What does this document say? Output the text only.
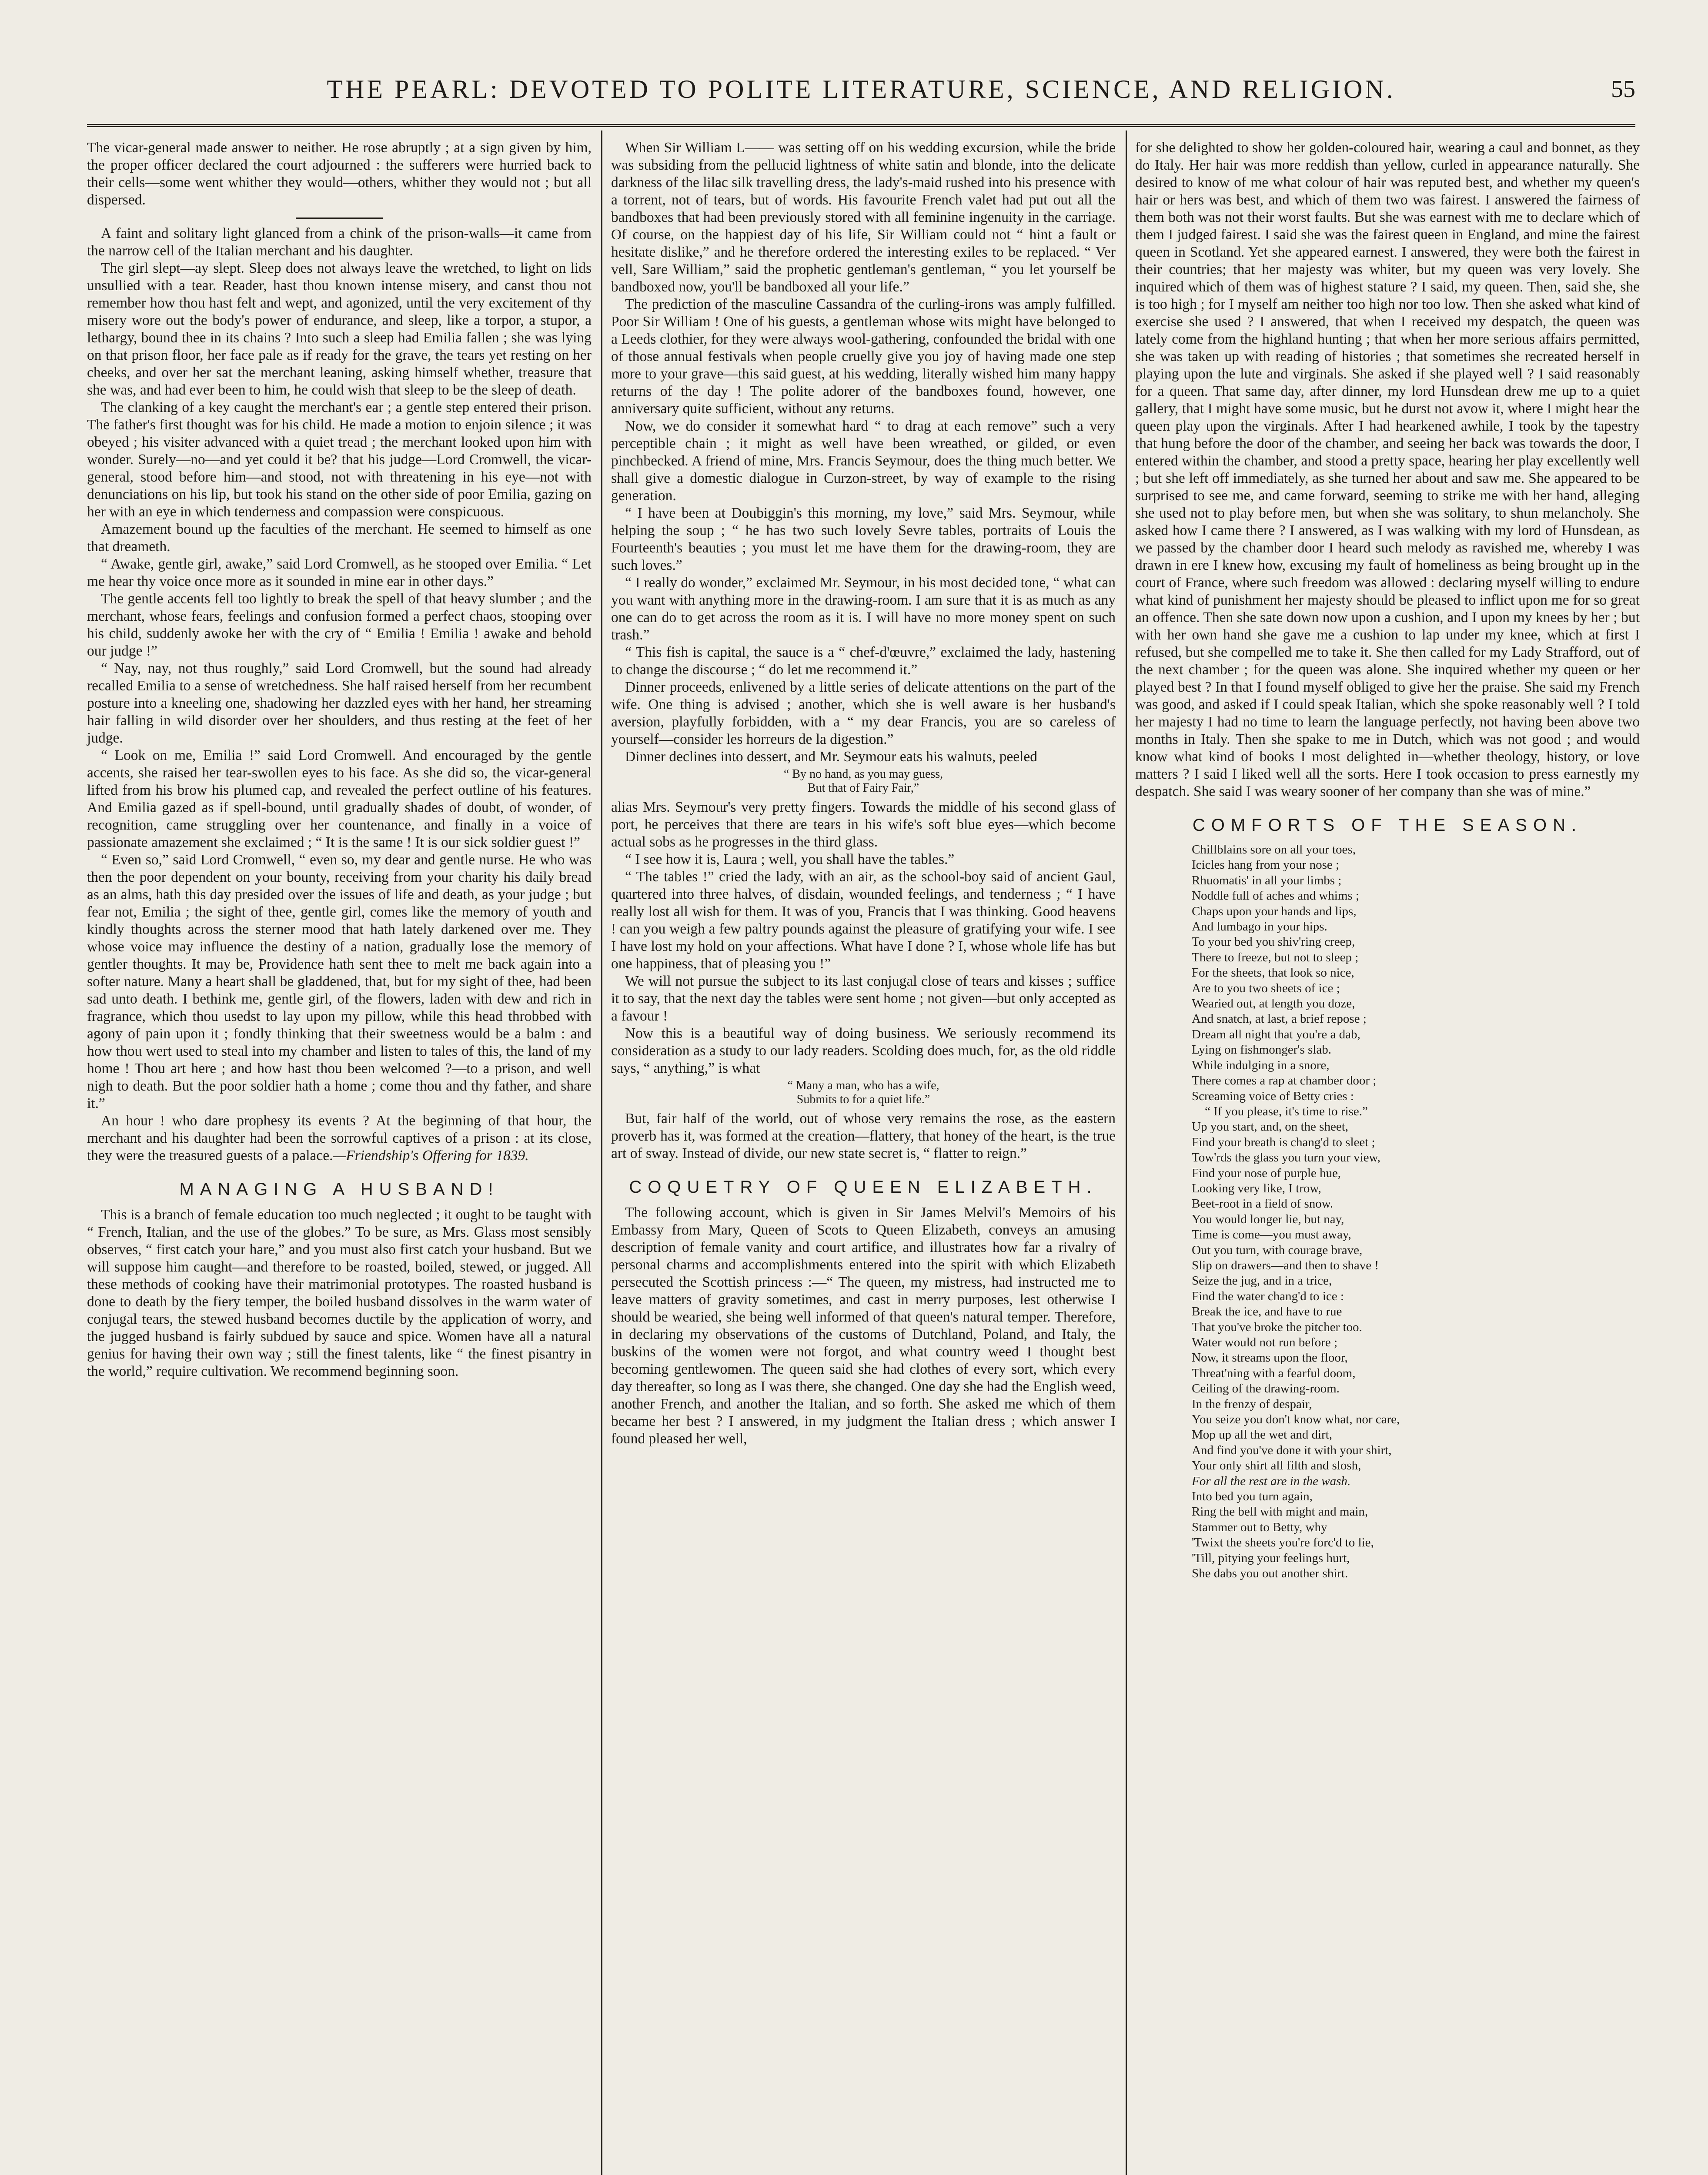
THE PEARL: DEVOTED TO POLITE LITERATURE, SCIENCE, AND RELIGION.	55

The vicar-general made answer to neither. He rose abruptly ; at a sign given by him, the proper officer declared the court adjourned : the sufferers were hurried back to their cells—some went whither they would—others, whither they would not ; but all dispersed.

A faint and solitary light glanced from a chink of the prison-walls—it came from the narrow cell of the Italian merchant and his daughter.

The girl slept—ay slept. Sleep does not always leave the wretched, to light on lids unsullied with a tear. Reader, hast thou known intense misery, and canst thou not remember how thou hast felt and wept, and agonized, until the very excitement of thy misery wore out the body's power of endurance, and sleep, like a torpor, a stupor, a lethargy, bound thee in its chains ? Into such a sleep had Emilia fallen ; she was lying on that prison floor, her face pale as if ready for the grave, the tears yet resting on her cheeks, and over her sat the merchant leaning, asking himself whether, treasure that she was, and had ever been to him, he could wish that sleep to be the sleep of death.

The clanking of a key caught the merchant's ear ; a gentle step entered their prison. The father's first thought was for his child. He made a motion to enjoin silence ; it was obeyed ; his visiter advanced with a quiet tread ; the merchant looked upon him with wonder. Surely—no—and yet could it be? that his judge—Lord Cromwell, the vicar-general, stood before him—and stood, not with threatening in his eye—not with denunciations on his lip, but took his stand on the other side of poor Emilia, gazing on her with an eye in which tenderness and compassion were conspicuous.

Amazement bound up the faculties of the merchant. He seemed to himself as one that dreameth.

“ Awake, gentle girl, awake,” said Lord Cromwell, as he stooped over Emilia. “ Let me hear thy voice once more as it sounded in mine ear in other days.”

The gentle accents fell too lightly to break the spell of that heavy slumber ; and the merchant, whose fears, feelings and confusion formed a perfect chaos, stooping over his child, suddenly awoke her with the cry of “ Emilia ! Emilia ! awake and behold our judge !”

“ Nay, nay, not thus roughly,” said Lord Cromwell, but the sound had already recalled Emilia to a sense of wretchedness. She half raised herself from her recumbent posture into a kneeling one, shadowing her dazzled eyes with her hand, her streaming hair falling in wild disorder over her shoulders, and thus resting at the feet of her judge.

“ Look on me, Emilia !” said Lord Cromwell. And encouraged by the gentle accents, she raised her tear-swollen eyes to his face. As she did so, the vicar-general lifted from his brow his plumed cap, and revealed the perfect outline of his features. And Emilia gazed as if spell-bound, until gradually shades of doubt, of wonder, of recognition, came struggling over her countenance, and finally in a voice of passionate amazement she exclaimed ; “ It is the same ! It is our sick soldier guest !”

“ Even so,” said Lord Cromwell, “ even so, my dear and gentle nurse. He who was then the poor dependent on your bounty, receiving from your charity his daily bread as an alms, hath this day presided over the issues of life and death, as your judge ; but fear not, Emilia ; the sight of thee, gentle girl, comes like the memory of youth and kindly thoughts across the sterner mood that hath lately darkened over me. They whose voice may influence the destiny of a nation, gradually lose the memory of gentler thoughts. It may be, Providence hath sent thee to melt me back again into a softer nature. Many a heart shall be gladdened, that, but for my sight of thee, had been sad unto death. I bethink me, gentle girl, of the flowers, laden with dew and rich in fragrance, which thou usedst to lay upon my pillow, while this head throbbed with agony of pain upon it ; fondly thinking that their sweetness would be a balm : and how thou wert used to steal into my chamber and listen to tales of this, the land of my home ! Thou art here ; and how hast thou been welcomed ?—to a prison, and well nigh to death. But the poor soldier hath a home ; come thou and thy father, and share it.”

An hour ! who dare prophesy its events ? At the beginning of that hour, the merchant and his daughter had been the sorrowful captives of a prison : at its close, they were the treasured guests of a palace.—Friendship's Offering for 1839.

MANAGING A HUSBAND!

This is a branch of female education too much neglected ; it ought to be taught with “ French, Italian, and the use of the globes.” To be sure, as Mrs. Glass most sensibly observes, “ first catch your hare,” and you must also first catch your husband. But we will suppose him caught—and therefore to be roasted, boiled, stewed, or jugged. All these methods of cooking have their matrimonial prototypes. The roasted husband is done to death by the fiery temper, the boiled husband dissolves in the warm water of conjugal tears, the stewed husband becomes ductile by the application of worry, and the jugged husband is fairly subdued by sauce and spice. Women have all a natural genius for having their own way ; still the finest talents, like “ the finest pisantry in the world,” require cultivation. We recommend beginning soon.

When Sir William L—— was setting off on his wedding excursion, while the bride was subsiding from the pellucid lightness of white satin and blonde, into the delicate darkness of the lilac silk travelling dress, the lady's-maid rushed into his presence with a torrent, not of tears, but of words. His favourite French valet had put out all the bandboxes that had been previously stored with all feminine ingenuity in the carriage. Of course, on the happiest day of his life, Sir William could not “ hint a fault or hesitate dislike,” and he therefore ordered the interesting exiles to be replaced. “ Ver vell, Sare William,” said the prophetic gentleman's gentleman, “ you let yourself be bandboxed now, you'll be bandboxed all your life.”

The prediction of the masculine Cassandra of the curling-irons was amply fulfilled. Poor Sir William ! One of his guests, a gentleman whose wits might have belonged to a Leeds clothier, for they were always wool-gathering, confounded the bridal with one of those annual festivals when people cruelly give you joy of having made one step more to your grave—this said guest, at his wedding, literally wished him many happy returns of the day ! The polite adorer of the bandboxes found, however, one anniversary quite sufficient, without any returns.

Now, we do consider it somewhat hard “ to drag at each remove” such a very perceptible chain ; it might as well have been wreathed, or gilded, or even pinchbecked. A friend of mine, Mrs. Francis Seymour, does the thing much better. We shall give a domestic dialogue in Curzon-street, by way of example to the rising generation.

“ I have been at Doubiggin's this morning, my love,” said Mrs. Seymour, while helping the soup ; “ he has two such lovely Sevre tables, portraits of Louis the Fourteenth's beauties ; you must let me have them for the drawing-room, they are such loves.”

“ I really do wonder,” exclaimed Mr. Seymour, in his most decided tone, “ what can you want with anything more in the drawing-room. I am sure that it is as much as any one can do to get across the room as it is. I will have no more money spent on such trash.”

“ This fish is capital, the sauce is a “ chef-d'œuvre,” exclaimed the lady, hastening to change the discourse ; “ do let me recommend it.”

Dinner proceeds, enlivened by a little series of delicate attentions on the part of the wife. One thing is advised ; another, which she is well aware is her husband's aversion, playfully forbidden, with a “ my dear Francis, you are so careless of yourself—consider les horreurs de la digestion.”

Dinner declines into dessert, and Mr. Seymour eats his walnuts, peeled

“ By no hand, as you may guess,
But that of Fairy Fair,”

alias Mrs. Seymour's very pretty fingers. Towards the middle of his second glass of port, he perceives that there are tears in his wife's soft blue eyes—which become actual sobs as he progresses in the third glass.

“ I see how it is, Laura ; well, you shall have the tables.”

“ The tables !” cried the lady, with an air, as the school-boy said of ancient Gaul, quartered into three halves, of disdain, wounded feelings, and tenderness ; “ I have really lost all wish for them. It was of you, Francis that I was thinking. Good heavens ! can you weigh a few paltry pounds against the pleasure of gratifying your wife. I see I have lost my hold on your affections. What have I done ? I, whose whole life has but one happiness, that of pleasing you !”

We will not pursue the subject to its last conjugal close of tears and kisses ; suffice it to say, that the next day the tables were sent home ; not given—but only accepted as a favour !

Now this is a beautiful way of doing business. We seriously recommend its consideration as a study to our lady readers. Scolding does much, for, as the old riddle says, “ anything,” is what

“ Many a man, who has a wife,
Submits to for a quiet life.”

But, fair half of the world, out of whose very remains the rose, as the eastern proverb has it, was formed at the creation—flattery, that honey of the heart, is the true art of sway. Instead of divide, our new state secret is, “ flatter to reign.”

COQUETRY OF QUEEN ELIZABETH.

The following account, which is given in Sir James Melvil's Memoirs of his Embassy from Mary, Queen of Scots to Queen Elizabeth, conveys an amusing description of female vanity and court artifice, and illustrates how far a rivalry of personal charms and accomplishments entered into the spirit with which Elizabeth persecuted the Scottish princess :—“ The queen, my mistress, had instructed me to leave matters of gravity sometimes, and cast in merry purposes, lest otherwise I should be wearied, she being well informed of that queen's natural temper. Therefore, in declaring my observations of the customs of Dutchland, Poland, and Italy, the buskins of the women were not forgot, and what country weed I thought best becoming gentlewomen. The queen said she had clothes of every sort, which every day thereafter, so long as I was there, she changed. One day she had the English weed, another French, and another the Italian, and so forth. She asked me which of them became her best ? I answered, in my judgment the Italian dress ; which answer I found pleased her well,

for she delighted to show her golden-coloured hair, wearing a caul and bonnet, as they do Italy. Her hair was more reddish than yellow, curled in appearance naturally. She desired to know of me what colour of hair was reputed best, and whether my queen's hair or hers was best, and which of them two was fairest. I answered the fairness of them both was not their worst faults. But she was earnest with me to declare which of them I judged fairest. I said she was the fairest queen in England, and mine the fairest queen in Scotland. Yet she appeared earnest. I answered, they were both the fairest in their countries; that her majesty was whiter, but my queen was very lovely. She inquired which of them was of highest stature ? I said, my queen. Then, said she, she is too high ; for I myself am neither too high nor too low. Then she asked what kind of exercise she used ? I answered, that when I received my despatch, the queen was lately come from the highland hunting ; that when her more serious affairs permitted, she was taken up with reading of histories ; that sometimes she recreated herself in playing upon the lute and virginals. She asked if she played well ? I said reasonably for a queen. That same day, after dinner, my lord Hunsdean drew me up to a quiet gallery, that I might have some music, but he durst not avow it, where I might hear the queen play upon the virginals. After I had hearkened awhile, I took by the tapestry that hung before the door of the chamber, and seeing her back was towards the door, I entered within the chamber, and stood a pretty space, hearing her play excellently well ; but she left off immediately, as she turned her about and saw me. She appeared to be surprised to see me, and came forward, seeming to strike me with her hand, alleging she used not to play before men, but when she was solitary, to shun melancholy. She asked how I came there ? I answered, as I was walking with my lord of Hunsdean, as we passed by the chamber door I heard such melody as ravished me, whereby I was drawn in ere I knew how, excusing my fault of homeliness as being brought up in the court of France, where such freedom was allowed : declaring myself willing to endure what kind of punishment her majesty should be pleased to inflict upon me for so great an offence. Then she sate down now upon a cushion, and I upon my knees by her ; but with her own hand she gave me a cushion to lap under my knee, which at first I refused, but she compelled me to take it. She then called for my Lady Strafford, out of the next chamber ; for the queen was alone. She inquired whether my queen or her played best ? In that I found myself obliged to give her the praise. She said my French was good, and asked if I could speak Italian, which she spoke reasonably well ? I told her majesty I had no time to learn the language perfectly, not having been above two months in Italy. Then she spake to me in Dutch, which was not good ; and would know what kind of books I most delighted in—whether theology, history, or love matters ? I said I liked well all the sorts. Here I took occasion to press earnestly my despatch. She said I was weary sooner of her company than she was of mine.”

COMFORTS OF THE SEASON.
Chillblains sore on all your toes,
Icicles hang from your nose ;
Rhuomatis' in all your limbs ;
Noddle full of aches and whims ;
Chaps upon your hands and lips,
And lumbago in your hips.
To your bed you shiv'ring creep,
There to freeze, but not to sleep ;
For the sheets, that look so nice,
Are to you two sheets of ice ;
Wearied out, at length you doze,
And snatch, at last, a brief repose ;
Dream all night that you're a dab,
Lying on fishmonger's slab.
While indulging in a snore,
There comes a rap at chamber door ;
Screaming voice of Betty cries :
“ If you please, it's time to rise.”
Up you start, and, on the sheet,
Find your breath is chang'd to sleet ;
Tow'rds the glass you turn your view,
Find your nose of purple hue,
Looking very like, I trow,
Beet-root in a field of snow.
You would longer lie, but nay,
Time is come—you must away,
Out you turn, with courage brave,
Slip on drawers—and then to shave !
Seize the jug, and in a trice,
Find the water chang'd to ice :
Break the ice, and have to rue
That you've broke the pitcher too.
Water would not run before ;
Now, it streams upon the floor,
Threat'ning with a fearful doom,
Ceiling of the drawing-room.
In the frenzy of despair,
You seize you don't know what, nor care,
Mop up all the wet and dirt,
And find you've done it with your shirt,
Your only shirt all filth and slosh,
For all the rest are in the wash.
Into bed you turn again,
Ring the bell with might and main,
Stammer out to Betty, why
'Twixt the sheets you're forc'd to lie,
'Till, pitying your feelings hurt,
She dabs you out another shirt.
